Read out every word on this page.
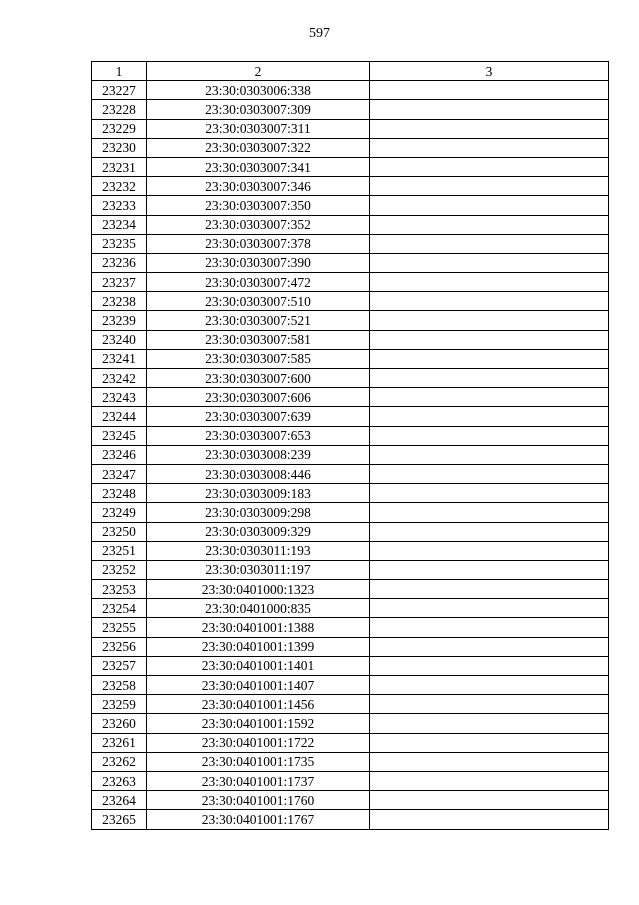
597
1	2	3
23227	23:30:0303006:338	
23228	23:30:0303007:309	
23229	23:30:0303007:311	
23230	23:30:0303007:322	
23231	23:30:0303007:341	
23232	23:30:0303007:346	
23233	23:30:0303007:350	
23234	23:30:0303007:352	
23235	23:30:0303007:378	
23236	23:30:0303007:390	
23237	23:30:0303007:472	
23238	23:30:0303007:510	
23239	23:30:0303007:521	
23240	23:30:0303007:581	
23241	23:30:0303007:585	
23242	23:30:0303007:600	
23243	23:30:0303007:606	
23244	23:30:0303007:639	
23245	23:30:0303007:653	
23246	23:30:0303008:239	
23247	23:30:0303008:446	
23248	23:30:0303009:183	
23249	23:30:0303009:298	
23250	23:30:0303009:329	
23251	23:30:0303011:193	
23252	23:30:0303011:197	
23253	23:30:0401000:1323	
23254	23:30:0401000:835	
23255	23:30:0401001:1388	
23256	23:30:0401001:1399	
23257	23:30:0401001:1401	
23258	23:30:0401001:1407	
23259	23:30:0401001:1456	
23260	23:30:0401001:1592	
23261	23:30:0401001:1722	
23262	23:30:0401001:1735	
23263	23:30:0401001:1737	
23264	23:30:0401001:1760	
23265	23:30:0401001:1767	
